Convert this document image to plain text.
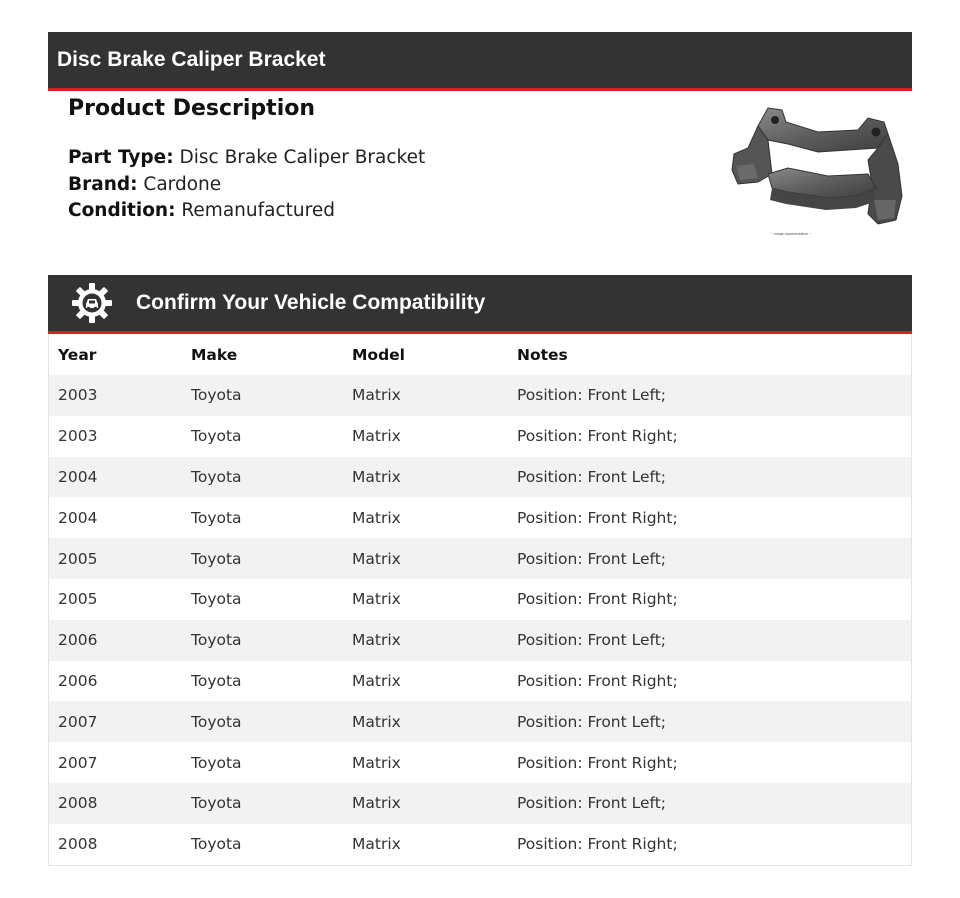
Disc Brake Caliper Bracket
Product Description
Part Type: Disc Brake Caliper Bracket
Brand: Cardone
Condition: Remanufactured
~ image representative ~
Confirm Your Vehicle Compatibility
Year	Make	Model	Notes
2003	Toyota	Matrix	Position: Front Left;
2003	Toyota	Matrix	Position: Front Right;
2004	Toyota	Matrix	Position: Front Left;
2004	Toyota	Matrix	Position: Front Right;
2005	Toyota	Matrix	Position: Front Left;
2005	Toyota	Matrix	Position: Front Right;
2006	Toyota	Matrix	Position: Front Left;
2006	Toyota	Matrix	Position: Front Right;
2007	Toyota	Matrix	Position: Front Left;
2007	Toyota	Matrix	Position: Front Right;
2008	Toyota	Matrix	Position: Front Left;
2008	Toyota	Matrix	Position: Front Right;
